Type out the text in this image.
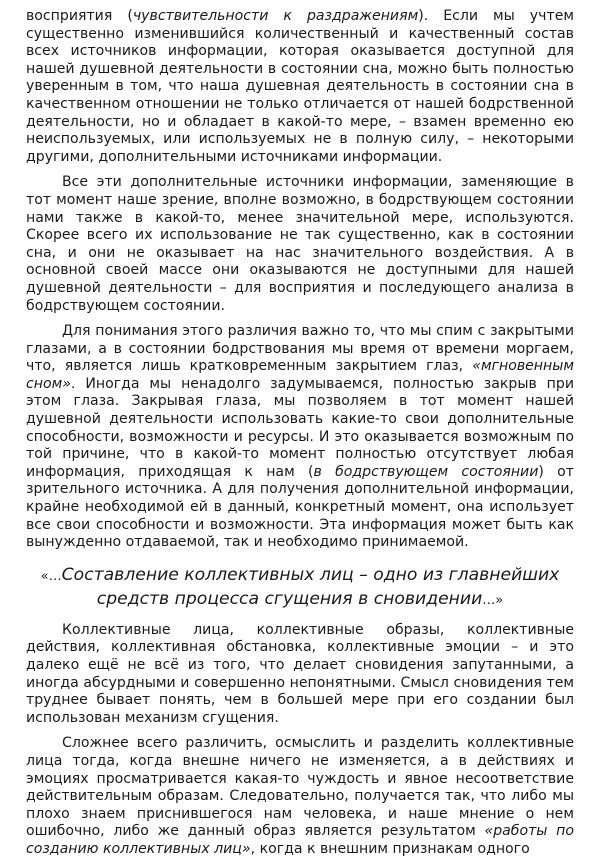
восприятия (чувствительности к раздражениям). Если мы учтем существенно изменившийся количественный и качественный состав всех источников информации, которая оказывается доступной для нашей душевной деятельности в состоянии сна, можно быть полностью уверенным в том, что наша душевная деятельность в состоянии сна в качественном отношении не только отличается от нашей бодрственной деятельности, но и обладает в какой-то мере, – взамен временно ею неиспользуемых, или используемых не в полную силу, – некоторыми другими, дополнительными источниками информации.

Все эти дополнительные источники информации, заменяющие в тот момент наше зрение, вполне возможно, в бодрствующем состоянии нами также в какой-то, менее значительной мере, используются. Скорее всего их использование не так существенно, как в состоянии сна, и они не оказывает на нас значительного воздействия. А в основной своей массе они оказываются не доступными для нашей душевной деятельности – для восприятия и последующего анализа в бодрствующем состоянии.

Для понимания этого различия важно то, что мы спим с закрытыми глазами, а в состоянии бодрствования мы время от времени моргаем, что, является лишь кратковременным закрытием глаз, «мгновенным сном». Иногда мы ненадолго задумываемся, полностью закрыв при этом глаза. Закрывая глаза, мы позволяем в тот момент нашей душевной деятельности использовать какие-то свои дополнительные способности, возможности и ресурсы. И это оказывается возможным по той причине, что в какой-то момент полностью отсутствует любая информация, приходящая к нам (в бодрствующем состоянии) от зрительного источника. А для получения дополнительной информации, крайне необходимой ей в данный, конкретный момент, она использует все свои способности и возможности. Эта информация может быть как вынужденно отдаваемой, так и необходимо принимаемой.

«…Составление коллективных лиц – одно из главнейших средств процесса сгущения в сновидении…»

Коллективные лица, коллективные образы, коллективные действия, коллективная обстановка, коллективные эмоции – и это далеко ещё не всё из того, что делает сновидения запутанными, а иногда абсурдными и совершенно непонятными. Смысл сновидения тем труднее бывает понять, чем в большей мере при его создании был использован механизм сгущения.

Сложнее всего различить, осмыслить и разделить коллективные лица тогда, когда внешне ничего не изменяется, а в действиях и эмоциях просматривается какая-то чуждость и явное несоответствие действительным образам. Следовательно, получается так, что либо мы плохо знаем приснившегося нам человека, и наше мнение о нем ошибочно, либо же данный образ является результатом «работы по созданию коллективных лиц», когда к внешним признакам одного
